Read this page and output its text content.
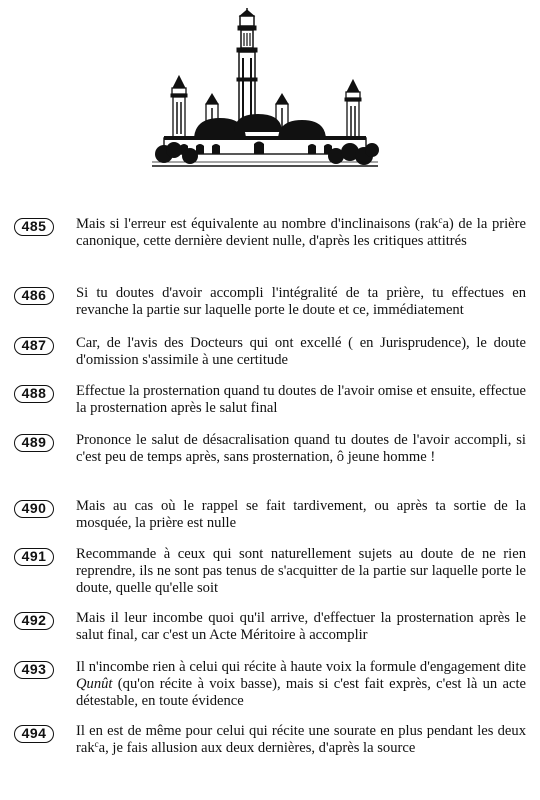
485	Mais si l'erreur est équivalente au nombre d'inclinaisons (rak$^c$a) de la prière canonique, cette dernière devient nulle, d'après les critiques attitrés
486	Si tu doutes d'avoir accompli l'intégralité de ta prière, tu effectues en revanche la partie sur laquelle porte le doute et ce, immédiatement
487	Car, de l'avis des Docteurs qui ont excellé ( en Jurisprudence), le doute d'omission s'assimile à une certitude
488	Effectue la prosternation quand tu doutes de l'avoir omise et ensuite, effectue la prosternation après le salut final
489	Prononce le salut de désacralisation quand tu doutes de l'avoir accompli, si c'est peu de temps après, sans prosternation, ô jeune homme !
490	Mais au cas où le rappel se fait tardivement, ou après ta sortie de la mosquée, la prière est nulle
491	Recommande à ceux qui sont naturellement sujets au doute de ne rien reprendre, ils ne sont pas tenus de s'acquitter de la partie sur laquelle porte le doute, quelle qu'elle soit
492	Mais il leur incombe quoi qu'il arrive, d'effectuer la prosternation après le salut final, car c'est un Acte Méritoire à accomplir
493	Il n'incombe rien à celui qui récite à haute voix la formule d'engagement dite Qunût (qu'on récite à voix basse), mais si c'est fait exprès, c'est là un acte détestable, en toute évidence
494	Il en est de même pour celui qui récite une sourate en plus pendant les deux rak$^c$a, je fais allusion aux deux dernières, d'après la source
